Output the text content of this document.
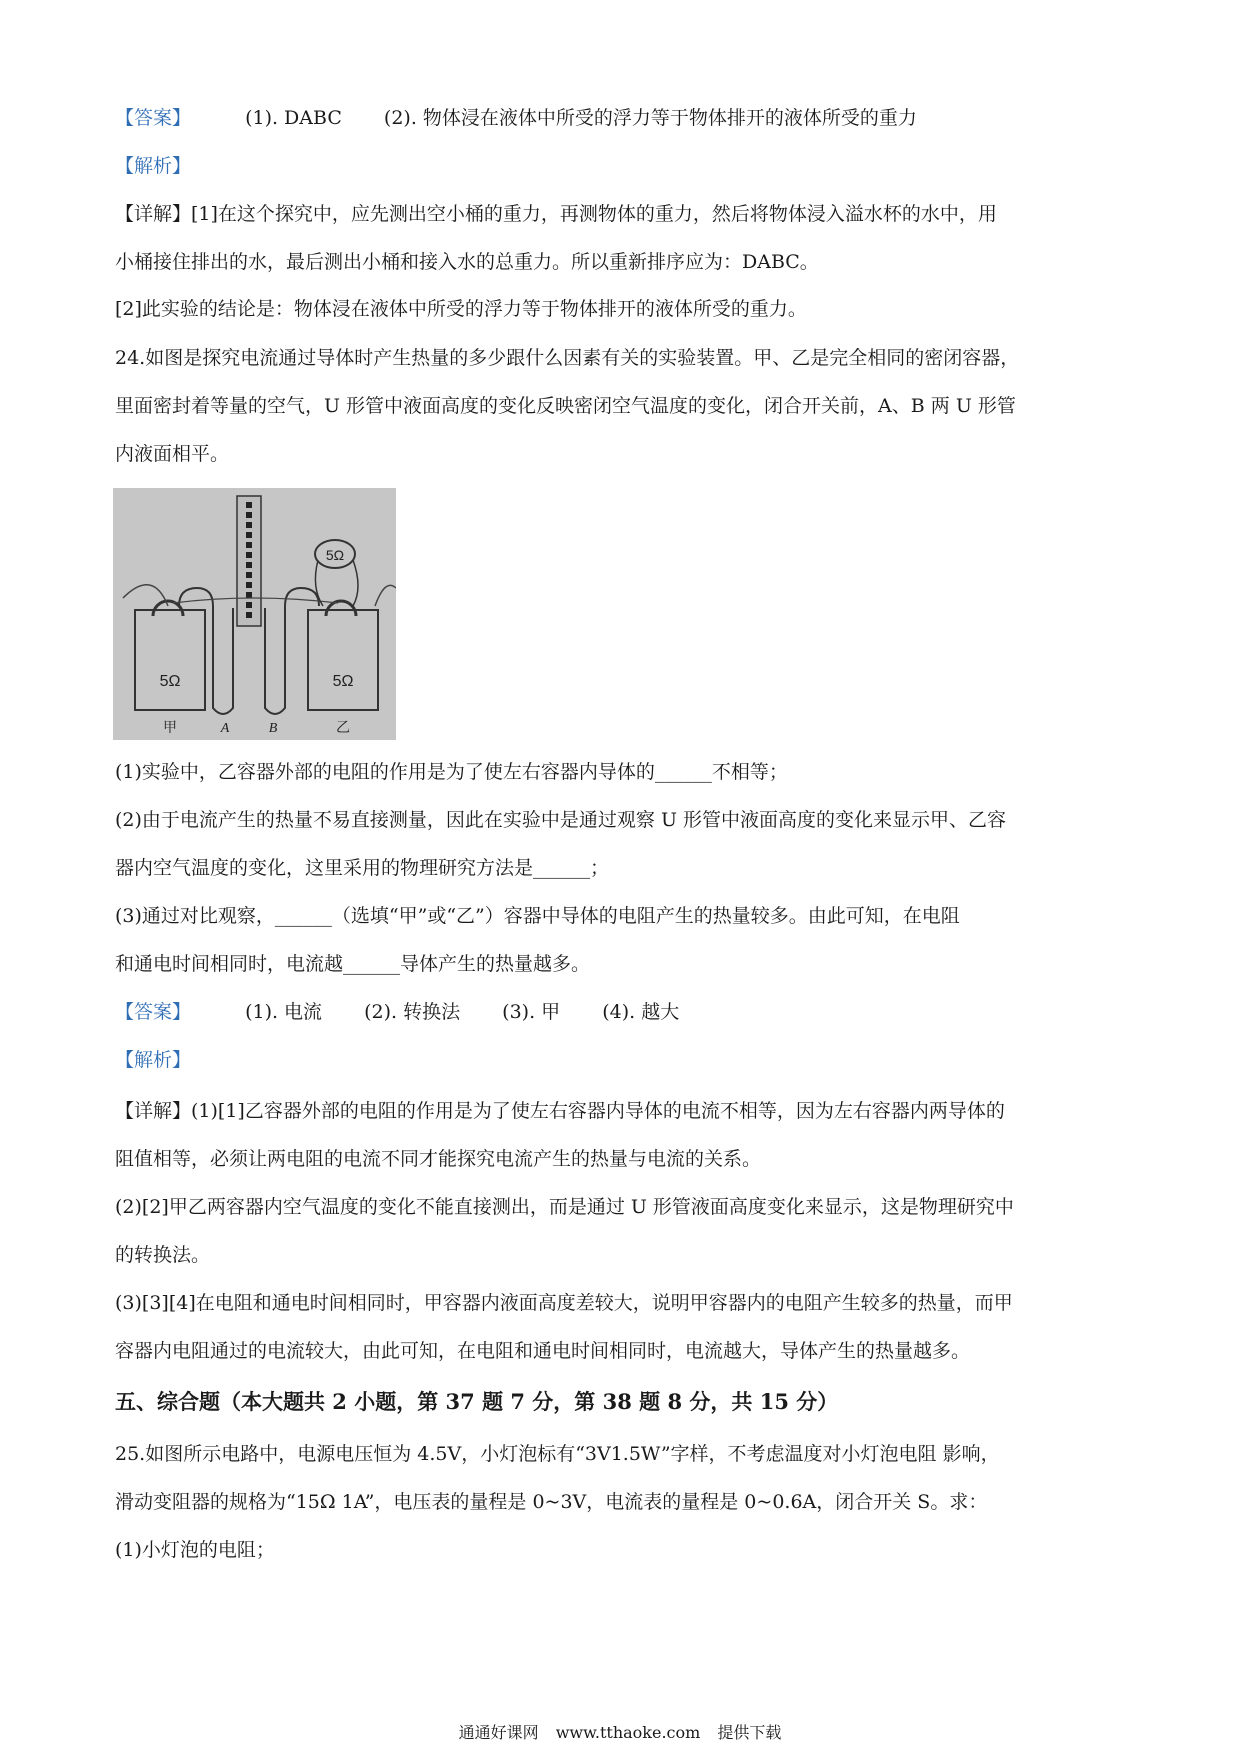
【答案】	(1). DABC (2). 物体浸在液体中所受的浮力等于物体排开的液体所受的重力
【解析】
【详解】[1]在这个探究中，应先测出空小桶的重力，再测物体的重力，然后将物体浸入溢水杯的水中，用
小桶接住排出的水，最后测出小桶和接入水的总重力。所以重新排序应为：DABC。
[2]此实验的结论是：物体浸在液体中所受的浮力等于物体排开的液体所受的重力。
24.如图是探究电流通过导体时产生热量的多少跟什么因素有关的实验装置。甲、乙是完全相同的密闭容器，
里面密封着等量的空气，U 形管中液面高度的变化反映密闭空气温度的变化，闭合开关前，A、B 两 U 形管
内液面相平。
5Ω
5Ω	5Ω
甲	A	B	乙
(1)实验中，乙容器外部的电阻的作用是为了使左右容器内导体的______不相等；
(2)由于电流产生的热量不易直接测量，因此在实验中是通过观察 U 形管中液面高度的变化来显示甲、乙容
器内空气温度的变化，这里采用的物理研究方法是______；
(3)通过对比观察，______（选填“甲”或“乙”）容器中导体的电阻产生的热量较多。由此可知，在电阻
和通电时间相同时，电流越______导体产生的热量越多。
【答案】	(1). 电流 (2). 转换法 (3). 甲 (4). 越大
【解析】
【详解】(1)[1]乙容器外部的电阻的作用是为了使左右容器内导体的电流不相等，因为左右容器内两导体的
阻值相等，必须让两电阻的电流不同才能探究电流产生的热量与电流的关系。
(2)[2]甲乙两容器内空气温度的变化不能直接测出，而是通过 U 形管液面高度变化来显示，这是物理研究中
的转换法。
(3)[3][4]在电阻和通电时间相同时，甲容器内液面高度差较大，说明甲容器内的电阻产生较多的热量，而甲
容器内电阻通过的电流较大，由此可知，在电阻和通电时间相同时，电流越大，导体产生的热量越多。
五、综合题（本大题共 2 小题，第 37 题 7 分，第 38 题 8 分，共 15 分）
25.如图所示电路中，电源电压恒为 4.5V，小灯泡标有“3V1.5W”字样，不考虑温度对小灯泡电阻 影响，
滑动变阻器的规格为“15Ω 1A”，电压表的量程是 0~3V，电流表的量程是 0~0.6A，闭合开关 S。求：
(1)小灯泡的电阻；
通通好课网 www.tthaoke.com 提供下载
